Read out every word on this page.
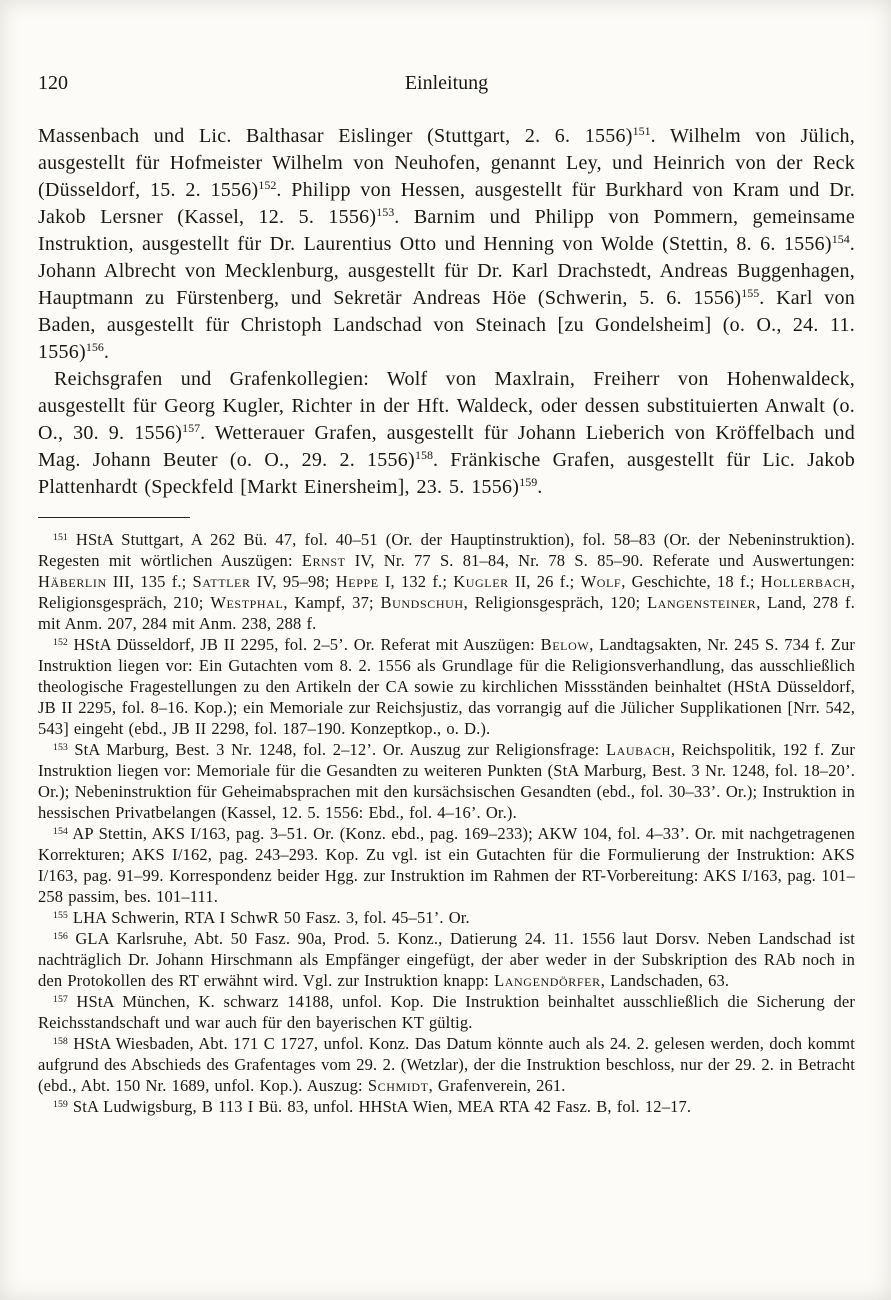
120	Einleitung

Massenbach und Lic. Balthasar Eislinger (Stuttgart, 2. 6. 1556)$^{151}$. Wilhelm von Jülich, ausgestellt für Hofmeister Wilhelm von Neuhofen, genannt Ley, und Heinrich von der Reck (Düsseldorf, 15. 2. 1556)$^{152}$. Philipp von Hessen, ausgestellt für Burkhard von Kram und Dr. Jakob Lersner (Kassel, 12. 5. 1556)$^{153}$. Barnim und Philipp von Pommern, gemeinsame Instruktion, ausgestellt für Dr. Laurentius Otto und Henning von Wolde (Stettin, 8. 6. 1556)$^{154}$. Johann Albrecht von Mecklenburg, ausgestellt für Dr. Karl Drachstedt, Andreas Buggenhagen, Hauptmann zu Fürstenberg, und Sekretär Andreas Höe (Schwerin, 5. 6. 1556)$^{155}$. Karl von Baden, ausgestellt für Christoph Landschad von Steinach [zu Gondelsheim] (o. O., 24. 11. 1556)$^{156}$.

Reichsgrafen und Grafenkollegien: Wolf von Maxlrain, Freiherr von Hohenwaldeck, ausgestellt für Georg Kugler, Richter in der Hft. Waldeck, oder dessen substituierten Anwalt (o. O., 30. 9. 1556)$^{157}$. Wetterauer Grafen, ausgestellt für Johann Lieberich von Kröffelbach und Mag. Johann Beuter (o. O., 29. 2. 1556)$^{158}$. Fränkische Grafen, ausgestellt für Lic. Jakob Plattenhardt (Speckfeld [Markt Einersheim], 23. 5. 1556)$^{159}$.

$^{151}$ HStA Stuttgart, A 262 Bü. 47, fol. 40–51 (Or. der Hauptinstruktion), fol. 58–83 (Or. der Nebeninstruktion). Regesten mit wörtlichen Auszügen: Ernst IV, Nr. 77 S. 81–84, Nr. 78 S. 85–90. Referate und Auswertungen: Häberlin III, 135 f.; Sattler IV, 95–98; Heppe I, 132 f.; Kugler II, 26 f.; Wolf, Geschichte, 18 f.; Hollerbach, Religionsgespräch, 210; Westphal, Kampf, 37; Bundschuh, Religionsgespräch, 120; Langensteiner, Land, 278 f. mit Anm. 207, 284 mit Anm. 238, 288 f.

$^{152}$ HStA Düsseldorf, JB II 2295, fol. 2–5’. Or. Referat mit Auszügen: Below, Landtagsakten, Nr. 245 S. 734 f. Zur Instruktion liegen vor: Ein Gutachten vom 8. 2. 1556 als Grundlage für die Religionsverhandlung, das ausschließlich theologische Fragestellungen zu den Artikeln der CA sowie zu kirchlichen Missständen beinhaltet (HStA Düsseldorf, JB II 2295, fol. 8–16. Kop.); ein Memoriale zur Reichsjustiz, das vorrangig auf die Jülicher Supplikationen [Nrr. 542, 543] eingeht (ebd., JB II 2298, fol. 187–190. Konzeptkop., o. D.).

$^{153}$ StA Marburg, Best. 3 Nr. 1248, fol. 2–12’. Or. Auszug zur Religionsfrage: Laubach, Reichspolitik, 192 f. Zur Instruktion liegen vor: Memoriale für die Gesandten zu weiteren Punkten (StA Marburg, Best. 3 Nr. 1248, fol. 18–20’. Or.); Nebeninstruktion für Geheimabsprachen mit den kursächsischen Gesandten (ebd., fol. 30–33’. Or.); Instruktion in hessischen Privatbelangen (Kassel, 12. 5. 1556: Ebd., fol. 4–16’. Or.).

$^{154}$ AP Stettin, AKS I/163, pag. 3–51. Or. (Konz. ebd., pag. 169–233); AKW 104, fol. 4–33’. Or. mit nachgetragenen Korrekturen; AKS I/162, pag. 243–293. Kop. Zu vgl. ist ein Gutachten für die Formulierung der Instruktion: AKS I/163, pag. 91–99. Korrespondenz beider Hgg. zur Instruktion im Rahmen der RT-Vorbereitung: AKS I/163, pag. 101–258 passim, bes. 101–111.

$^{155}$ LHA Schwerin, RTA I SchwR 50 Fasz. 3, fol. 45–51’. Or.

$^{156}$ GLA Karlsruhe, Abt. 50 Fasz. 90a, Prod. 5. Konz., Datierung 24. 11. 1556 laut Dorsv. Neben Landschad ist nachträglich Dr. Johann Hirschmann als Empfänger eingefügt, der aber weder in der Subskription des RAb noch in den Protokollen des RT erwähnt wird. Vgl. zur Instruktion knapp: Langendörfer, Landschaden, 63.

$^{157}$ HStA München, K. schwarz 14188, unfol. Kop. Die Instruktion beinhaltet ausschließlich die Sicherung der Reichsstandschaft und war auch für den bayerischen KT gültig.

$^{158}$ HStA Wiesbaden, Abt. 171 C 1727, unfol. Konz. Das Datum könnte auch als 24. 2. gelesen werden, doch kommt aufgrund des Abschieds des Grafentages vom 29. 2. (Wetzlar), der die Instruktion beschloss, nur der 29. 2. in Betracht (ebd., Abt. 150 Nr. 1689, unfol. Kop.). Auszug: Schmidt, Grafenverein, 261.

$^{159}$ StA Ludwigsburg, B 113 I Bü. 83, unfol. HHStA Wien, MEA RTA 42 Fasz. B, fol. 12–17.
